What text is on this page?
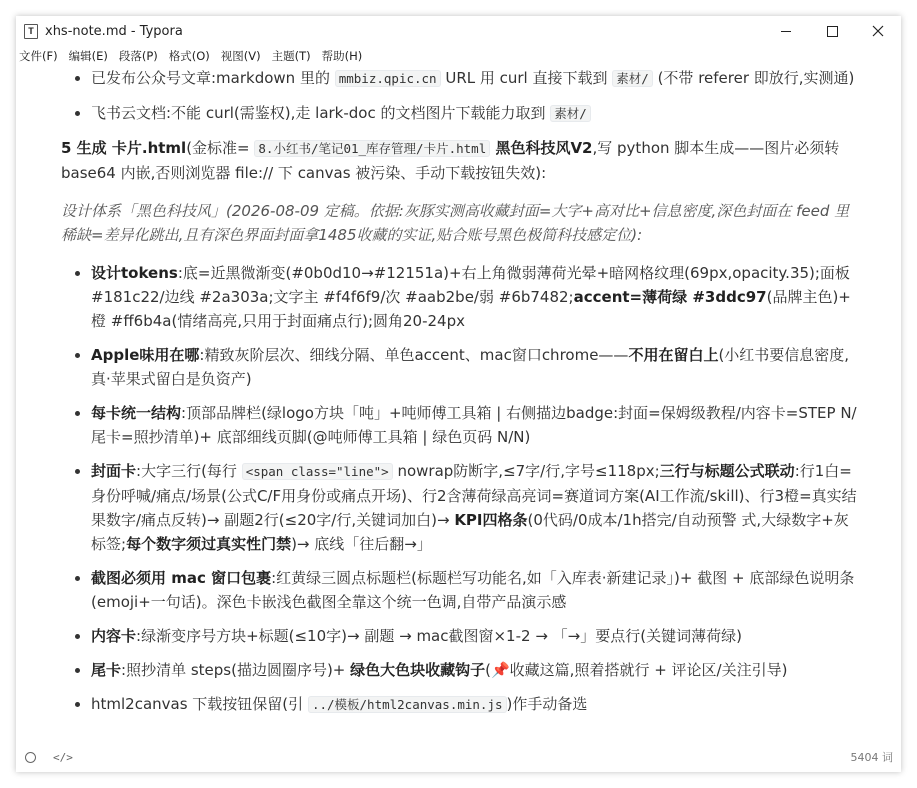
T xhs-note.md - Typora
文件(F) 编辑(E) 段落(P) 格式(O) 视图(V) 主题(T) 帮助(H)
• 已发布公众号文章:markdown 里的 mmbiz.qpic.cn URL 用 curl 直接下载到 素材/ (不带 referer 即放行,实测通)
• 飞书云文档:不能 curl(需鉴权),走 lark-doc 的文档图片下载能力取到 素材/

5 生成 卡片.html(金标准= 8.小红书/笔记01_库存管理/卡片.html 黑色科技风V2,写 python 脚本生成——图片必须转 base64 内嵌,否则浏览器 file:// 下 canvas 被污染、手动下载按钮失效):

设计体系「黑色科技风」(2026-08-09 定稿。依据:灰豚实测高收藏封面=大字+高对比+信息密度,深色封面在 feed 里稀缺=差异化跳出,且有深色界面封面拿1485收藏的实证,贴合账号黑色极简科技感定位):

• 设计tokens:底=近黑微渐变(#0b0d10→#12151a)+右上角微弱薄荷光晕+暗网格纹理(69px,opacity.35);面板 #181c22/边线 #2a303a;文字主 #f4f6f9/次 #aab2be/弱 #6b7482;accent=薄荷绿 #3ddc97(品牌主色)+ 橙 #ff6b4a(情绪高亮,只用于封面痛点行);圆角20-24px
• Apple味用在哪:精致灰阶层次、细线分隔、单色accent、mac窗口chrome——不用在留白上(小红书要信息密度,真·苹果式留白是负资产)
• 每卡统一结构:顶部品牌栏(绿logo方块「吨」+吨师傅工具箱 | 右侧描边badge:封面=保姆级教程/内容卡=STEP N/尾卡=照抄清单)+ 底部细线页脚(@吨师傅工具箱 | 绿色页码 N/N)
• 封面卡:大字三行(每行 <span class="line"> nowrap防断字,≤7字/行,字号≤118px;三行与标题公式联动:行1白=身份呼喊/痛点/场景(公式C/F用身份或痛点开场)、行2含薄荷绿高亮词=赛道词方案(AI工作流/skill)、行3橙=真实结果数字/痛点反转)→ 副题2行(≤20字/行,关键词加白)→ KPI四格条(0代码/0成本/1h搭完/自动预警 式,大绿数字+灰标签;每个数字须过真实性门禁)→ 底线「往后翻→」
• 截图必须用 mac 窗口包裹:红黄绿三圆点标题栏(标题栏写功能名,如「入库表·新建记录」)+ 截图 + 底部绿色说明条(emoji+一句话)。深色卡嵌浅色截图全靠这个统一色调,自带产品演示感
• 内容卡:绿渐变序号方块+标题(≤10字)→ 副题 → mac截图窗×1-2 → 「→」要点行(关键词薄荷绿)
• 尾卡:照抄清单 steps(描边圆圈序号)+ 绿色大色块收藏钩子(📌收藏这篇,照着搭就行 + 评论区/关注引导)
• html2canvas 下载按钮保留(引 ../模板/html2canvas.min.js )作手动备选
</>	5404 词
